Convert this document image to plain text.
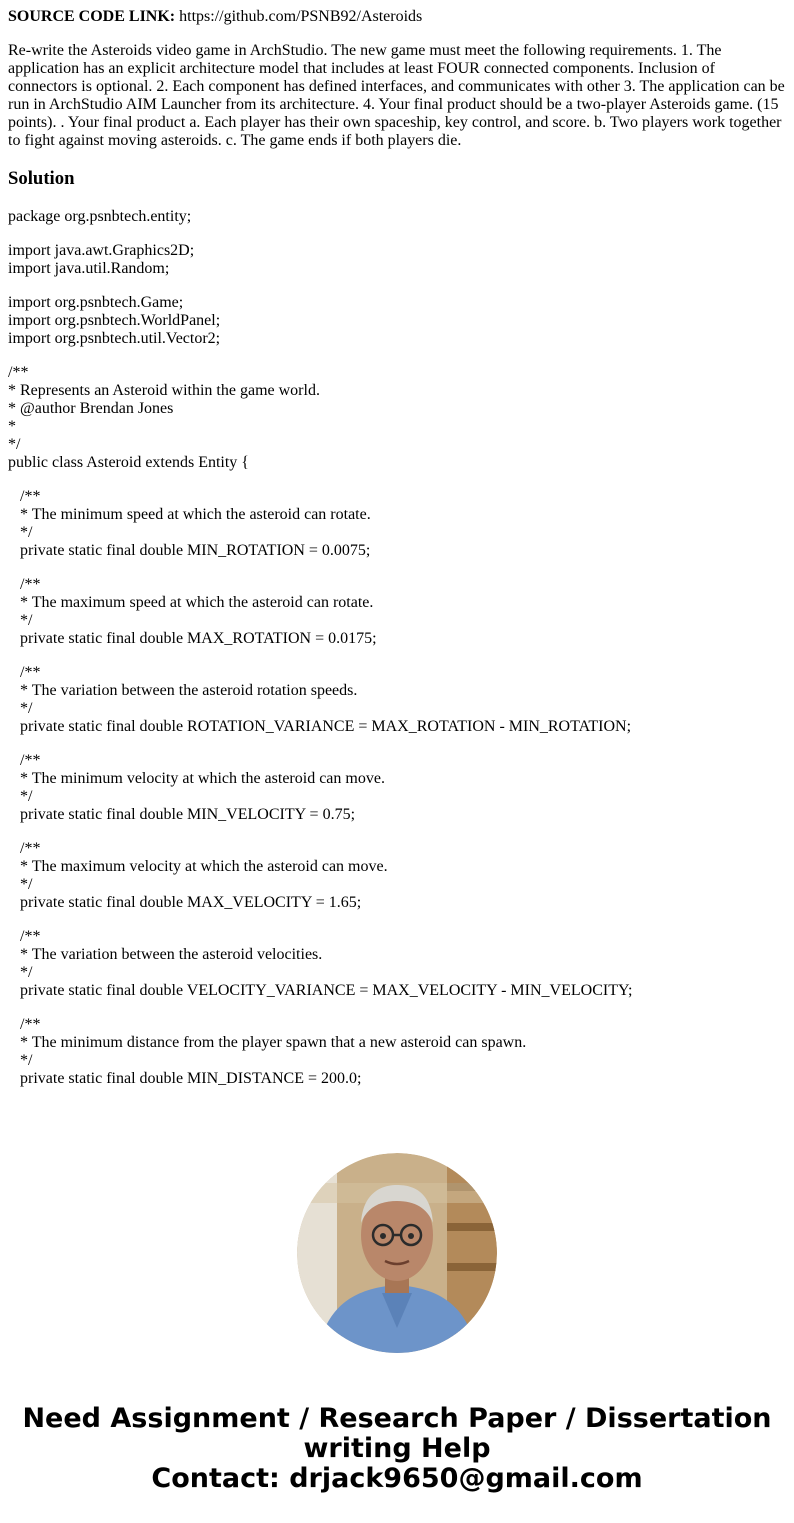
SOURCE CODE LINK: https://github.com/PSNB92/Asteroids

Re-write the Asteroids video game in ArchStudio. The new game must meet the following requirements. 1. The application has an explicit architecture model that includes at least FOUR connected components. Inclusion of connectors is optional. 2. Each component has defined interfaces, and communicates with other 3. The application can be run in ArchStudio AIM Launcher from its architecture. 4. Your final product should be a two-player Asteroids game. (15 points). . Your final product a. Each player has their own spaceship, key control, and score. b. Two players work together to fight against moving asteroids. c. The game ends if both players die.

Solution
package org.psnbtech.entity;
import java.awt.Graphics2D;
import java.util.Random;
import org.psnbtech.Game;
import org.psnbtech.WorldPanel;
import org.psnbtech.util.Vector2;
/**
* Represents an Asteroid within the game world.
* @author Brendan Jones
*
*/
public class Asteroid extends Entity {
/**
* The minimum speed at which the asteroid can rotate.
*/
private static final double MIN_ROTATION = 0.0075;
/**
* The maximum speed at which the asteroid can rotate.
*/
private static final double MAX_ROTATION = 0.0175;
/**
* The variation between the asteroid rotation speeds.
*/
private static final double ROTATION_VARIANCE = MAX_ROTATION - MIN_ROTATION;
/**
* The minimum velocity at which the asteroid can move.
*/
private static final double MIN_VELOCITY = 0.75;
/**
* The maximum velocity at which the asteroid can move.
*/
private static final double MAX_VELOCITY = 1.65;
/**
* The variation between the asteroid velocities.
*/
private static final double VELOCITY_VARIANCE = MAX_VELOCITY - MIN_VELOCITY;
/**
* The minimum distance from the player spawn that a new asteroid can spawn.
*/
private static final double MIN_DISTANCE = 200.0;
Need Assignment / Research Paper / Dissertation
writing Help
Contact: drjack9650@gmail.com
